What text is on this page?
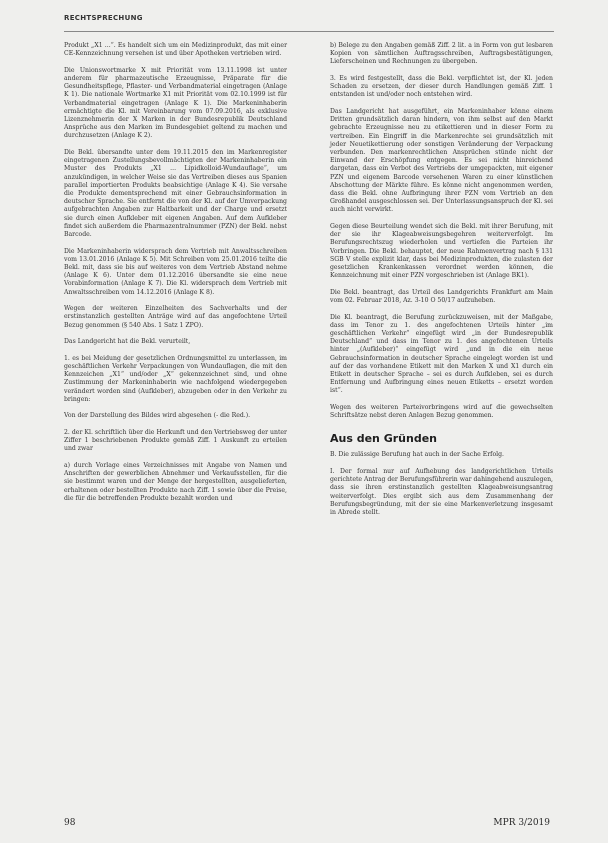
RECHTSPRECHUNG

Produkt „X1 ...“. Es handelt sich um ein Medizinprodukt, das mit einer CE-Kennzeichnung versehen ist und über Apotheken vertrieben wird.

Die Unionswortmarke X mit Priorität vom 13.11.1998 ist unter anderem für pharmazeutische Erzeugnisse, Präparate für die Gesundheitspflege, Pflaster- und Verbandmaterial eingetragen (Anlage K 1). Die nationale Wortmarke X1 mit Priorität vom 02.10.1999 ist für Verbandmaterial eingetragen (Anlage K 1). Die Markeninhaberin ermächtigte die Kl. mit Vereinbarung vom 07.09.2016, als exklusive Lizenznehmerin der X Marken in der Bundesrepublik Deutschland Ansprüche aus den Marken im Bundesgebiet geltend zu machen und durchzusetzen (Anlage K 2).

Die Bekl. übersandte unter dem 19.11.2015 den im Markenregister eingetragenen Zustellungsbevollmächtigten der Markeninhaberin ein Muster des Produkts „X1 ... Lipidkolloid-Wundauflage“, um anzukündigen, in welcher Weise sie das Vertreiben dieses aus Spanien parallel importierten Produkts beabsichtige (Anlage K 4). Sie versahe die Produkte dementsprechend mit einer Gebrauchsinformation in deutscher Sprache. Sie entfernt die von der Kl. auf der Umverpackung aufgebrachten Angaben zur Haltbarkeit und der Charge und ersetzt sie durch einen Aufkleber mit eigenen Angaben. Auf dem Aufkleber findet sich außerdem die Pharmazentralnummer (PZN) der Bekl. nebst Barcode.

Die Markeninhaberin widersprach dem Vertrieb mit Anwaltsschreiben vom 13.01.2016 (Anlage K 5). Mit Schreiben vom 25.01.2016 teilte die Bekl. mit, dass sie bis auf weiteres von dem Vertrieb Abstand nehme (Anlage K 6). Unter dem 01.12.2016 übersandte sie eine neue Vorabinformation (Anlage K 7). Die Kl. widersprach dem Vertrieb mit Anwaltsschreiben vom 14.12.2016 (Anlage K 8).

Wegen der weiteren Einzelheiten des Sachverhalts und der erstinstanzlich gestellten Anträge wird auf das angefochtene Urteil Bezug genommen (§ 540 Abs. 1 Satz 1 ZPO).

Das Landgericht hat die Bekl. verurteilt,

1. es bei Meidung der gesetzlichen Ordnungsmittel zu unterlassen, im geschäftlichen Verkehr Verpackungen von Wundauflagen, die mit den Kennzeichen „X1“ und/oder „X“ gekennzeichnet sind, und ohne Zustimmung der Markeninhaberin wie nachfolgend wiedergegeben verändert worden sind (Aufkleber), abzugeben oder in den Verkehr zu bringen:

Von der Darstellung des Bildes wird abgesehen (- die Red.).

2. der Kl. schriftlich über die Herkunft und den Vertriebsweg der unter Ziffer 1 beschriebenen Produkte gemäß Ziff. 1 Auskunft zu erteilen und zwar

a) durch Vorlage eines Verzeichnisses mit Angabe von Namen und Anschriften der gewerblichen Abnehmer und Verkaufsstellen, für die sie bestimmt waren und der Menge der hergestellten, ausgelieferten, erhaltenen oder bestellten Produkte nach Ziff. 1 sowie über die Preise, die für die betreffenden Produkte bezahlt worden und

b) Belege zu den Angaben gemäß Ziff. 2 lit. a in Form von gut lesbaren Kopien von sämtlichen Auftragsschreiben, Auftragsbestätigungen, Lieferscheinen und Rechnungen zu übergeben.

3. Es wird festgestellt, dass die Bekl. verpflichtet ist, der Kl. jeden Schaden zu ersetzen, der dieser durch Handlungen gemäß Ziff. 1 entstanden ist und/oder noch entstehen wird.

Das Landgericht hat ausgeführt, ein Markeninhaber könne einem Dritten grundsätzlich daran hindern, von ihm selbst auf den Markt gebrachte Erzeugnisse neu zu etikettieren und in dieser Form zu vertreiben. Ein Eingriff in die Markenrechte sei grundsätzlich mit jeder Neuetikettierung oder sonstigen Veränderung der Verpackung verbunden. Den markenrechtlichen Ansprüchen stünde nicht der Einwand der Erschöpfung entgegen. Es sei nicht hinreichend dargetan, dass ein Verbot des Vertriebs der umgepackten, mit eigener PZN und eigenem Barcode versehenen Waren zu einer künstlichen Abschottung der Märkte führe. Es könne nicht angenommen werden, dass die Bekl. ohne Aufbringung ihrer PZN vom Vertrieb an den Großhandel ausgeschlossen sei. Der Unterlassungsanspruch der Kl. sei auch nicht verwirkt.

Gegen diese Beurteilung wendet sich die Bekl. mit ihrer Berufung, mit der sie ihr Klageabweisungsbegehren weiterverfolgt. Im Berufungsrechtszug wiederholen und vertiefen die Parteien ihr Vorbringen. Die Bekl. behauptet, der neue Rahmenvertrag nach § 131 SGB V stelle explizit klar, dass bei Medizinprodukten, die zulasten der gesetzlichen Krankenkassen verordnet werden können, die Kennzeichnung mit einer PZN vorgeschrieben ist (Anlage BK1).

Die Bekl. beantragt, das Urteil des Landgerichts Frankfurt am Main vom 02. Februar 2018, Az. 3-10 O 50/17 aufzuheben.

Die Kl. beantragt, die Berufung zurückzuweisen, mit der Maßgabe, dass im Tenor zu 1. des angefochtenen Urteils hinter „im geschäftlichen Verkehr“ eingefügt wird „in der Bundesrepublik Deutschland“ und dass im Tenor zu 1. des angefochtenen Urteils hinter „(Aufkleber)“ eingefügt wird „und in die ein neue Gebrauchsinformation in deutscher Sprache eingelegt worden ist und auf der das vorhandene Etikett mit den Marken X und X1 durch ein Etikett in deutscher Sprache – sei es durch Aufkleben, sei es durch Entfernung und Aufbringung eines neuen Etiketts – ersetzt worden ist“.

Wegen des weiteren Parteivorbringens wird auf die gewechselten Schriftsätze nebst deren Anlagen Bezug genommen.

Aus den Gründen

B. Die zulässige Berufung hat auch in der Sache Erfolg.

I. Der formal nur auf Aufhebung des landgerichtlichen Urteils gerichtete Antrag der Berufungsführerin war dahingehend auszulegen, dass sie ihren erstinstanzlich gestellten Klageabweisungsantrag weiterverfolgt. Dies ergibt sich aus dem Zusammenhang der Berufungsbegründung, mit der sie eine Markenverletzung insgesamt in Abrede stellt.

98	MPR 3/2019
